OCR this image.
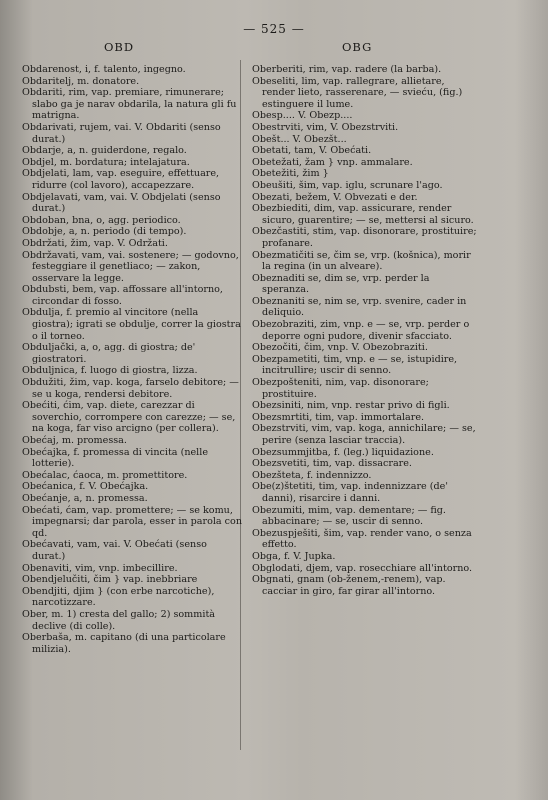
— 525 —
OBD	OBG

Obdarenost, i, f. talento, ingegno.

Obdaritelj, m. donatore.

Obdariti, rim, vap. premiare, rimunerare; slabo ga je narav obdarila, la natura gli fu matrigna.

Obdarivati, rujem, vai. V. Obdariti (senso durat.)

Obdarje, a, n. guiderdone, regalo.

Obdjel, m. bordatura; intelajatura.

Obdjelati, lam, vap. eseguire, effettuare, ridurre (col lavoro), accapezzare.

Obdjelavati, vam, vai. V. Obdjelati (senso durat.)

Obdoban, bna, o, agg. periodico.

Obdobje, a, n. periodo (di tempo).

Obdržati, žim, vap. V. Održati.

Obdržavati, vam, vai. sostenere; — godovno, festeggiare il genetliaco; — zakon, osservare la legge.

Obdubsti, bem, vap. affossare all'intorno, circondar di fosso.

Obdulja, f. premio al vincitore (nella giostra); igrati se obdulje, correr la giostra o il torneo.

Obduljački, a, o, agg. di giostra; de' giostratori.

Obduljnica, f. luogo di giostra, lizza.

Obdužiti, žim, vap. koga, farselo debitore; — se u koga, rendersi debitore.

Obećiti, ćim, vap. diete, carezzar di soverchio, corrompere con carezze; — se, na koga, far viso arcigno (per collera).

Obećaj, m. promessa.

Obećajka, f. promessa di vincita (nelle lotterie).

Obećalac, ćaoca, m. promettitore.

Obećanica, f. V. Obećajka.

Obećanje, a, n. promessa.

Obećati, ćam, vap. promettere; — se komu, impegnarsi; dar parola, esser in parola con qd.

Obećavati, vam, vai. V. Obećati (senso durat.)

Obenaviti, vim, vnp. imbecillire.

Obendjelučiti, čim } vap. inebbriare

Obendjiti, djim } (con erbe narcotiche), narcotizzare.

Ober, m. 1) cresta del gallo; 2) sommità declive (di colle).

Oberbaša, m. capitano (di una particolare milizia).

Oberberiti, rim, vap. radere (la barba).

Obeseliti, lim, vap. rallegrare, allietare, render lieto, rasserenare, — svieću, (fig.) estinguere il lume.

Obesp.... V. Obezp....

Obestrviti, vim, V. Obezstrviti.

Obešt... V. Obezšt...

Obetati, tam, V. Obećati.

Obetežati, žam } vnp. ammalare.

Obetežiti, žim }

Obeušiti, šim, vap. iglu, scrunare l'ago.

Obezati, bežem, V. Obvezati e der.

Obezbiediti, dim, vap. assicurare, render sicuro, guarentire; — se, mettersi al sicuro.

Obezčastiti, stim, vap. disonorare, prostituire; profanare.

Obezmatičiti se, čim se, vrp. (košnica), morir la regina (in un alveare).

Obeznaditi se, dim se, vrp. perder la speranza.

Obeznaniti se, nim se, vrp. svenire, cader in deliquio.

Obezobraziti, zim, vnp. e — se, vrp. perder o deporre ogni pudore, divenir sfacciato.

Obezočiti, čim, vnp. V. Obezobraziti.

Obezpametiti, tim, vnp. e — se, istupidire, incitrullire; uscir di senno.

Obezpošteniti, nim, vap. disonorare; prostituire.

Obezsiniti, nim, vnp. restar privo di figli.

Obezsmrtiti, tim, vap. immortalare.

Obezstrviti, vim, vap. koga, annichilare; — se, perire (senza lasciar traccia).

Obezsummjitba, f. (leg.) liquidazione.

Obezsvetiti, tim, vap. dissacrare.

Obezšteta, f. indennizzo.

Obe(z)štetiti, tim, vap. indennizzare (de' danni), risarcire i danni.

Obezumiti, mim, vap. dementare; — fig. abbacinare; — se, uscir di senno.

Obezuspješiti, šim, vap. render vano, o senza effetto.

Obga, f. V. Jupka.

Obglodati, djem, vap. rosecchiare all'intorno.

Obgnati, gnam (ob-ženem,-renem), vap. cacciar in giro, far girar all'intorno.
